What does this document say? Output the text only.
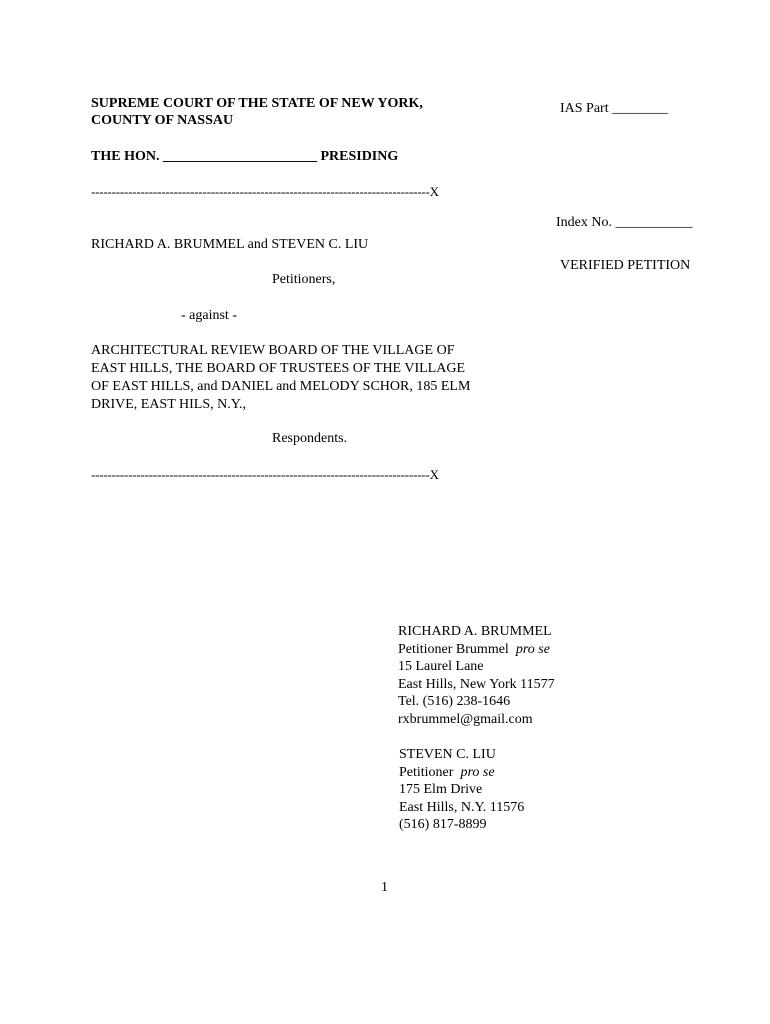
SUPREME COURT OF THE STATE OF NEW YORK,
COUNTY OF NASSAU
IAS Part ________
THE HON. ______________________ PRESIDING
----------------------------------------------------------------------------------X
Index No. ___________
RICHARD A. BRUMMEL and STEVEN C. LIU
VERIFIED PETITION
Petitioners,
- against -
ARCHITECTURAL REVIEW BOARD OF THE VILLAGE OF
EAST HILLS, THE BOARD OF TRUSTEES OF THE VILLAGE
OF EAST HILLS, and DANIEL and MELODY SCHOR, 185 ELM
DRIVE, EAST HILS, N.Y.,
Respondents.
----------------------------------------------------------------------------------X
RICHARD A. BRUMMEL
Petitioner Brummel pro se
15 Laurel Lane
East Hills, New York 11577
Tel. (516) 238-1646
rxbrummel@gmail.com
STEVEN C. LIU
Petitioner pro se
175 Elm Drive
East Hills, N.Y. 11576
(516) 817-8899
1
